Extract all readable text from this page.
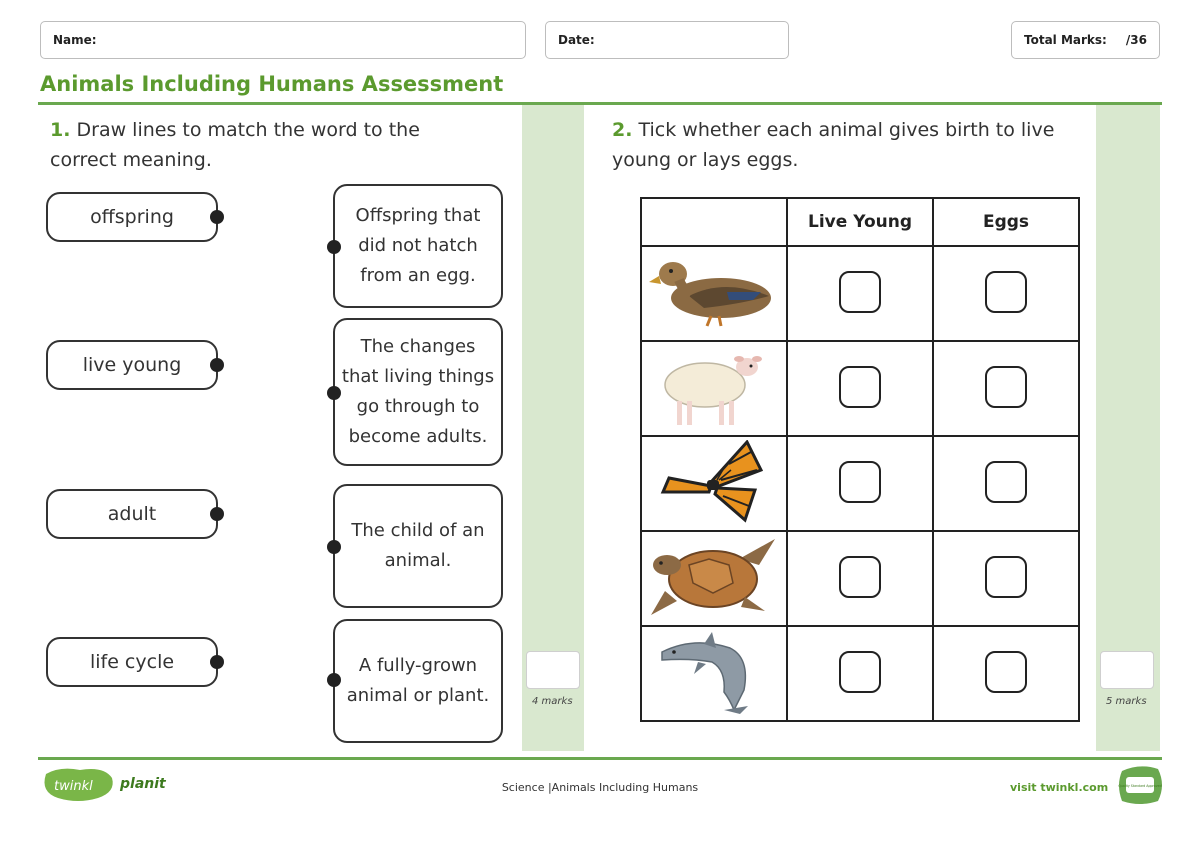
Name:	Date:	Total Marks: /36
Animals Including Humans Assessment
4 marks	5 marks
1. Draw lines to match the word to the correct meaning.
offspring
live young
adult
life cycle
Offspring that did not hatch from an egg.
The changes that living things go through to become adults.
The child of an animal.
A fully-grown animal or plant.
2. Tick whether each animal gives birth to live young or lays eggs.
	Live Young	Eggs

twinkl planit	Science |Animals Including Humans	visit twinkl.com	Quality Standard Approved
